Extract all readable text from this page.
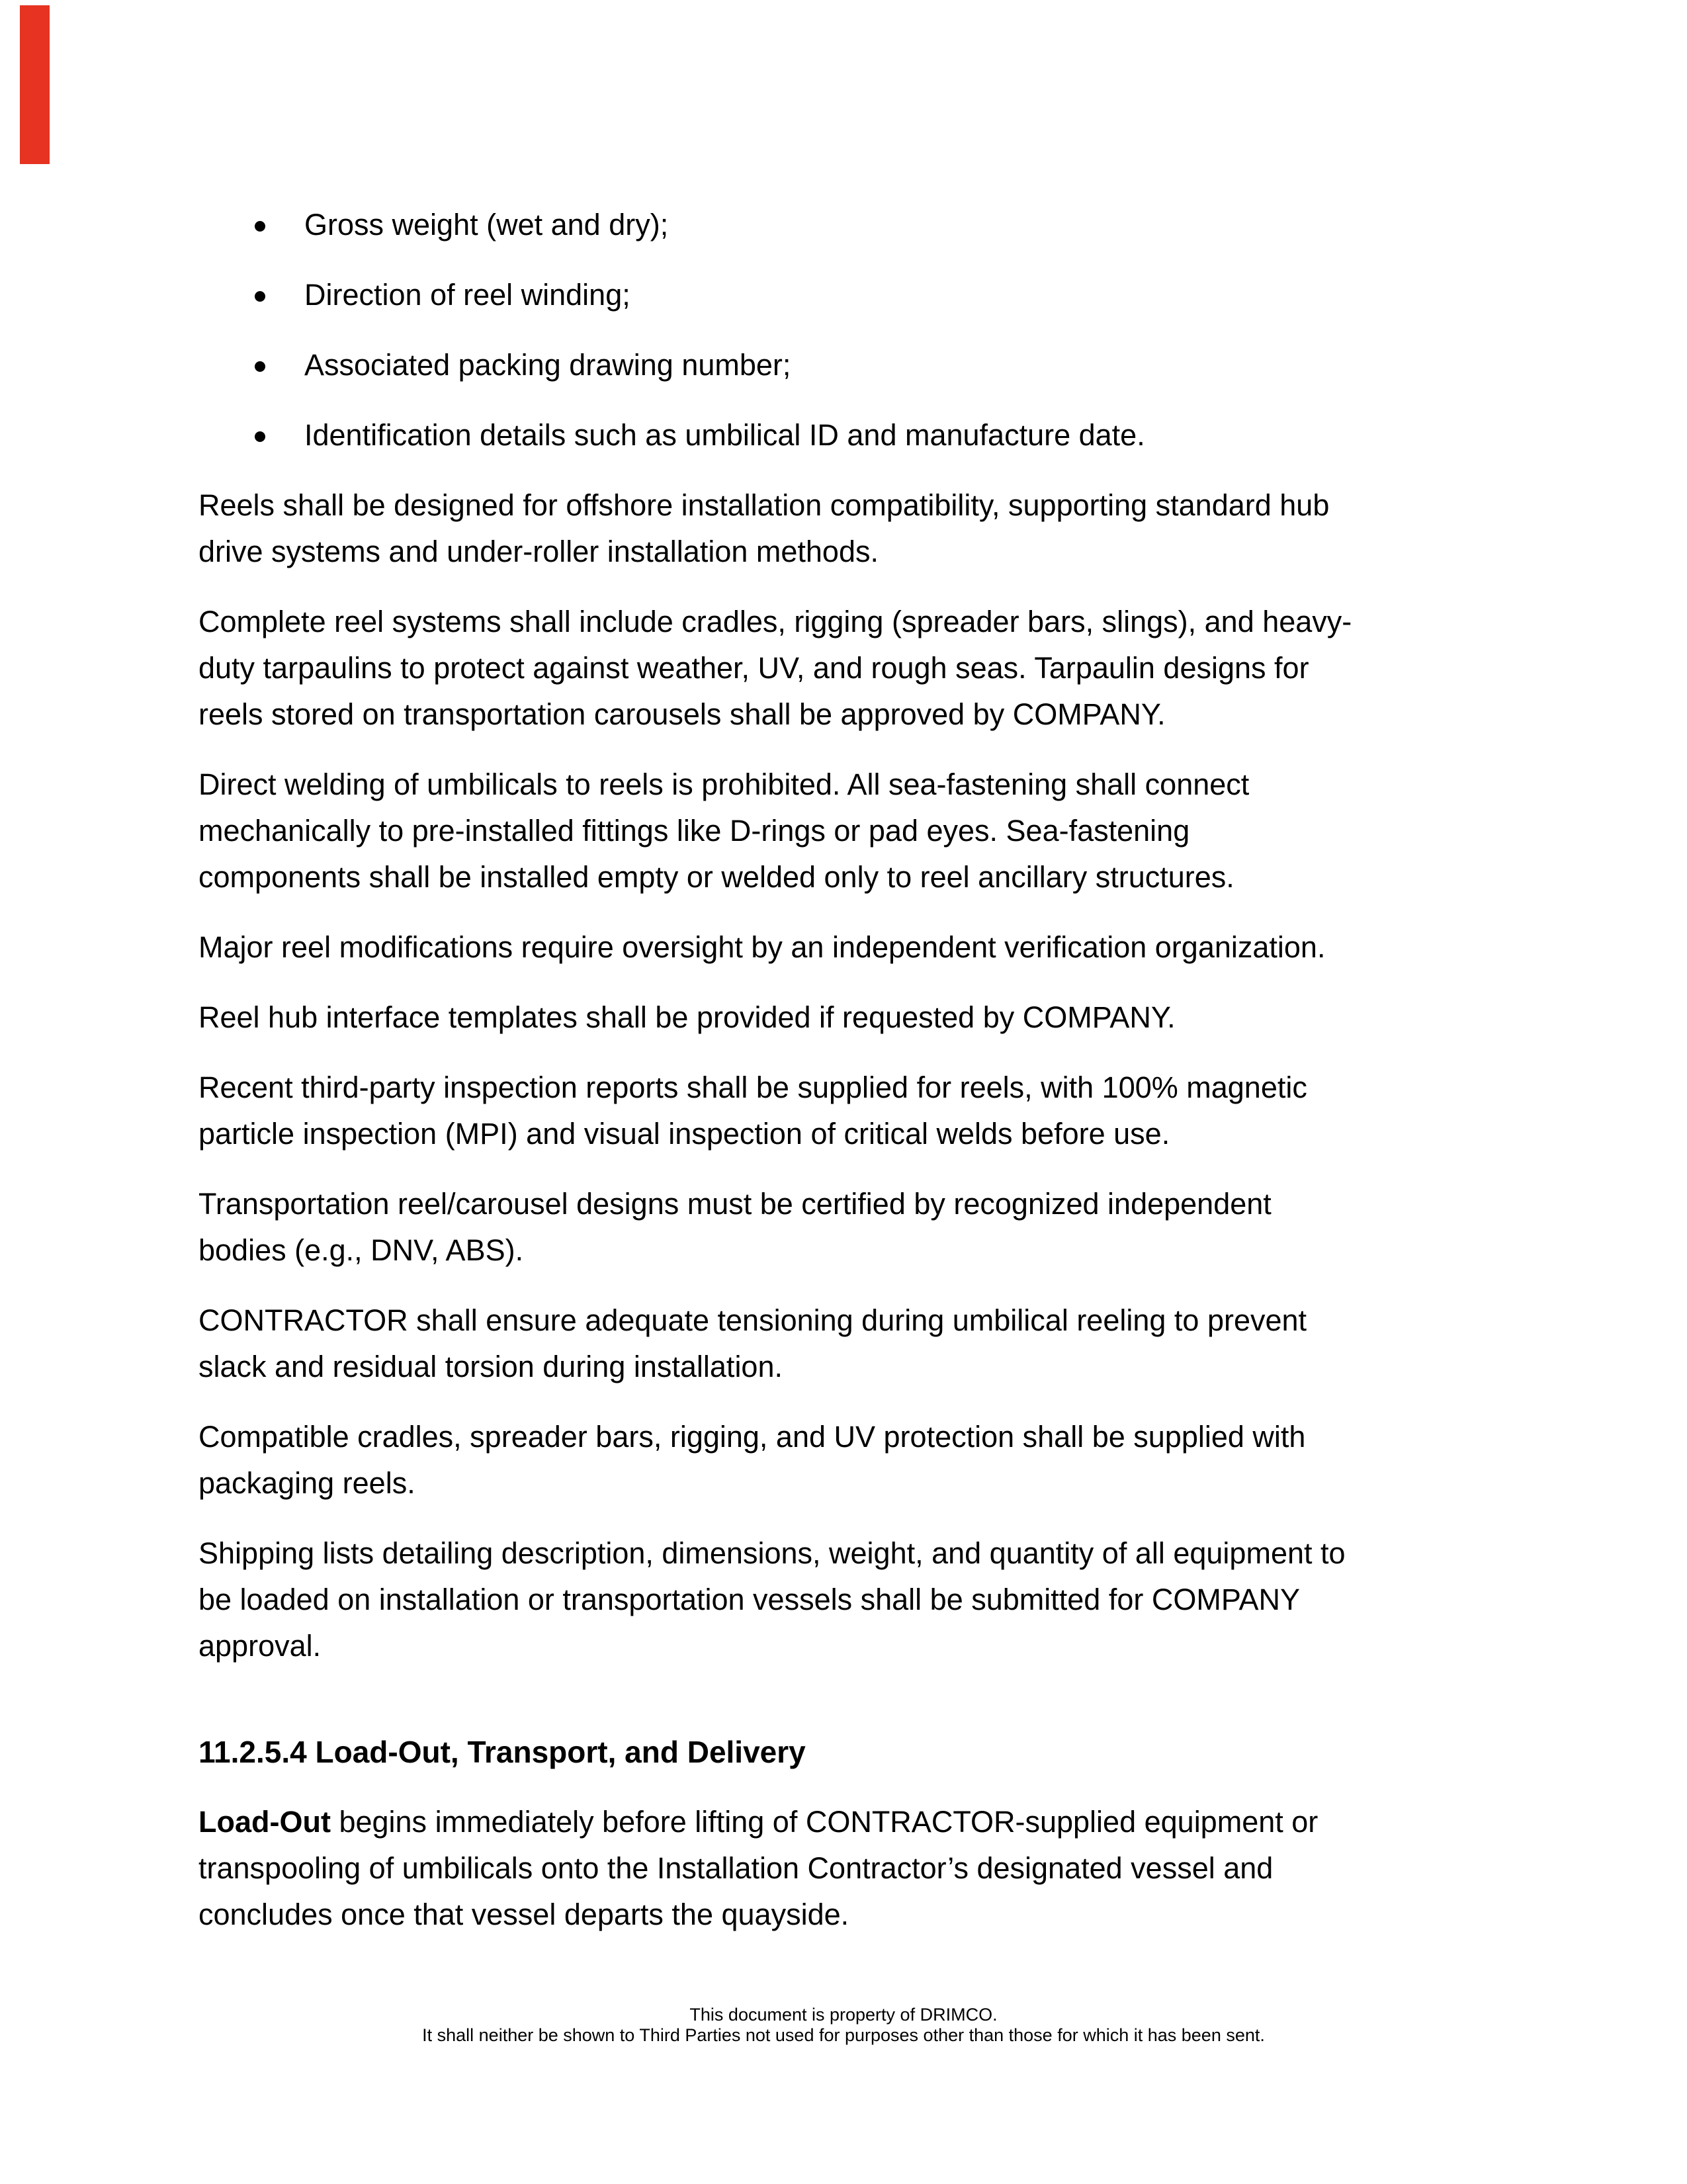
Gross weight (wet and dry);
Direction of reel winding;
Associated packing drawing number;
Identification details such as umbilical ID and manufacture date.
Reels shall be designed for offshore installation compatibility, supporting standard hub
drive systems and under-roller installation methods.
Complete reel systems shall include cradles, rigging (spreader bars, slings), and heavy-
duty tarpaulins to protect against weather, UV, and rough seas. Tarpaulin designs for
reels stored on transportation carousels shall be approved by COMPANY.
Direct welding of umbilicals to reels is prohibited. All sea-fastening shall connect
mechanically to pre-installed fittings like D-rings or pad eyes. Sea-fastening
components shall be installed empty or welded only to reel ancillary structures.
Major reel modifications require oversight by an independent verification organization.
Reel hub interface templates shall be provided if requested by COMPANY.
Recent third-party inspection reports shall be supplied for reels, with 100% magnetic
particle inspection (MPI) and visual inspection of critical welds before use.
Transportation reel/carousel designs must be certified by recognized independent
bodies (e.g., DNV, ABS).
CONTRACTOR shall ensure adequate tensioning during umbilical reeling to prevent
slack and residual torsion during installation.
Compatible cradles, spreader bars, rigging, and UV protection shall be supplied with
packaging reels.
Shipping lists detailing description, dimensions, weight, and quantity of all equipment to
be loaded on installation or transportation vessels shall be submitted for COMPANY
approval.
11.2.5.4 Load-Out, Transport, and Delivery
Load-Out begins immediately before lifting of CONTRACTOR-supplied equipment or
transpooling of umbilicals onto the Installation Contractor’s designated vessel and
concludes once that vessel departs the quayside.
This document is property of DRIMCO.
It shall neither be shown to Third Parties not used for purposes other than those for which it has been sent.
